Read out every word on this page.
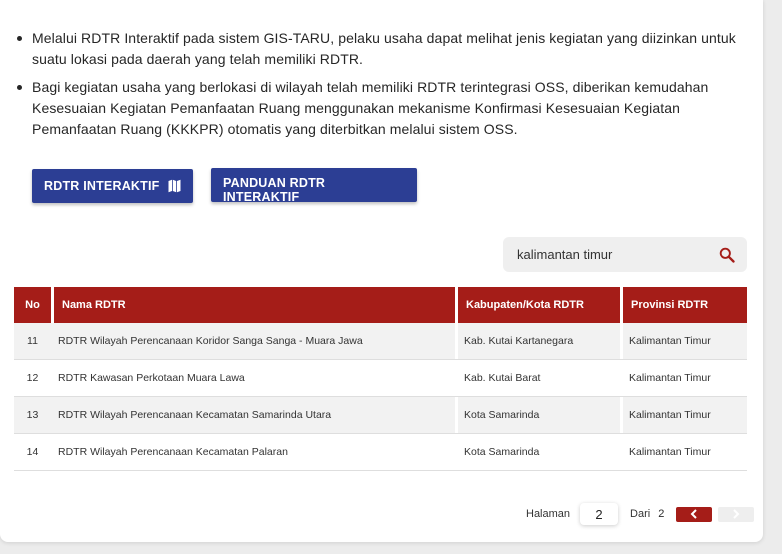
Melalui RDTR Interaktif pada sistem GIS-TARU, pelaku usaha dapat melihat jenis kegiatan yang diizinkan untuk suatu lokasi pada daerah yang telah memiliki RDTR.
Bagi kegiatan usaha yang berlokasi di wilayah telah memiliki RDTR terintegrasi OSS, diberikan kemudahan Kesesuaian Kegiatan Pemanfaatan Ruang menggunakan mekanisme Konfirmasi Kesesuaian Kegiatan Pemanfaatan Ruang (KKKPR) otomatis yang diterbitkan melalui sistem OSS.
RDTR INTERAKTIF	PANDUAN RDTR INTERAKTIF
kalimantan timur
No	Nama RDTR	Kabupaten/Kota RDTR	Provinsi RDTR
11	RDTR Wilayah Perencanaan Koridor Sanga Sanga - Muara Jawa	Kab. Kutai Kartanegara	Kalimantan Timur
12	RDTR Kawasan Perkotaan Muara Lawa	Kab. Kutai Barat	Kalimantan Timur
13	RDTR Wilayah Perencanaan Kecamatan Samarinda Utara	Kota Samarinda	Kalimantan Timur
14	RDTR Wilayah Perencanaan Kecamatan Palaran	Kota Samarinda	Kalimantan Timur
Halaman
2	Dari 2
